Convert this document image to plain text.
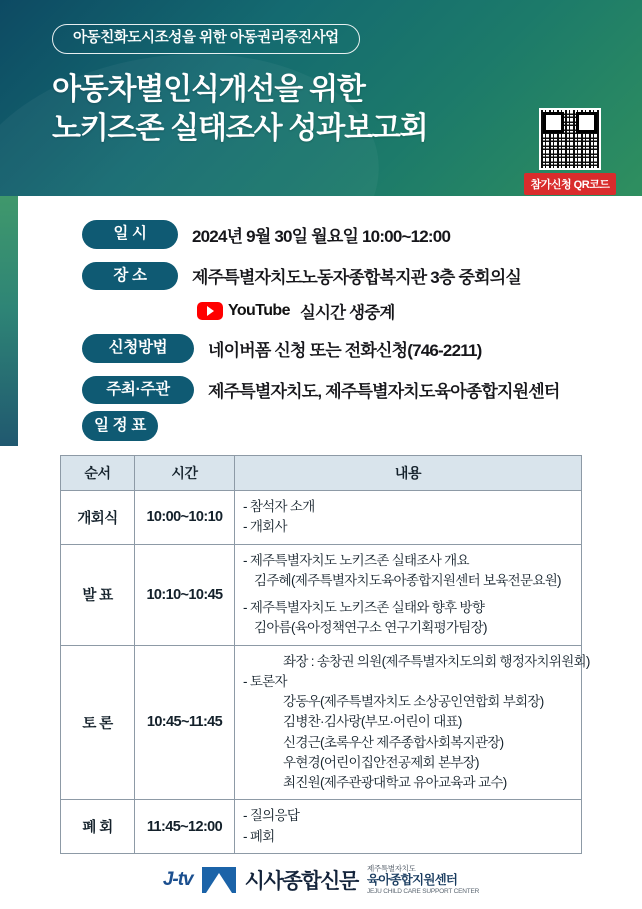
아동친화도시조성을 위한 아동권리증진사업
아동차별인식개선을 위한
노키즈존 실태조사 성과보고회
일 시	2024년 9월 30일 월요일 10:00~12:00
장 소	제주특별자치도노동자종합복지관 3층 중회의실
YouTube 실시간 생중계
신청방법	네이버폼 신청 또는 전화신청(746-2211)
주최·주관	제주특별자치도, 제주특별자치도육아종합지원센터
일 정 표
참가신청 QR코드
순서	시간	내용
개회식	10:00~10:10	- 참석자 소개
- 개회사

발 표	10:10~10:45	- 제주특별자치도 노키즈존 실태조사 개요
김주혜(제주특별자치도육아종합지원센터 보육전문요원)
- 제주특별자치도 노키즈존 실태와 향후 방향
김아름(육아정책연구소 연구기획평가팀장)

토 론	10:45~11:45	
좌장 : 송창권 의원(제주특별자치도의회 행정자치위원회)
- 토론자
강동우(제주특별자치도 소상공인연합회 부회장)
김병찬·김사랑(부모·어린이 대표)
신경근(초록우산 제주종합사회복지관장)
우현경(어린이집안전공제회 본부장)
최진원(제주관광대학교 유아교육과 교수)

폐 회	11:45~12:00	- 질의응답
- 폐회
J-tv 시사종합신문
제주특별자치도
육아종합지원센터
JEJU CHILD CARE SUPPORT CENTER
